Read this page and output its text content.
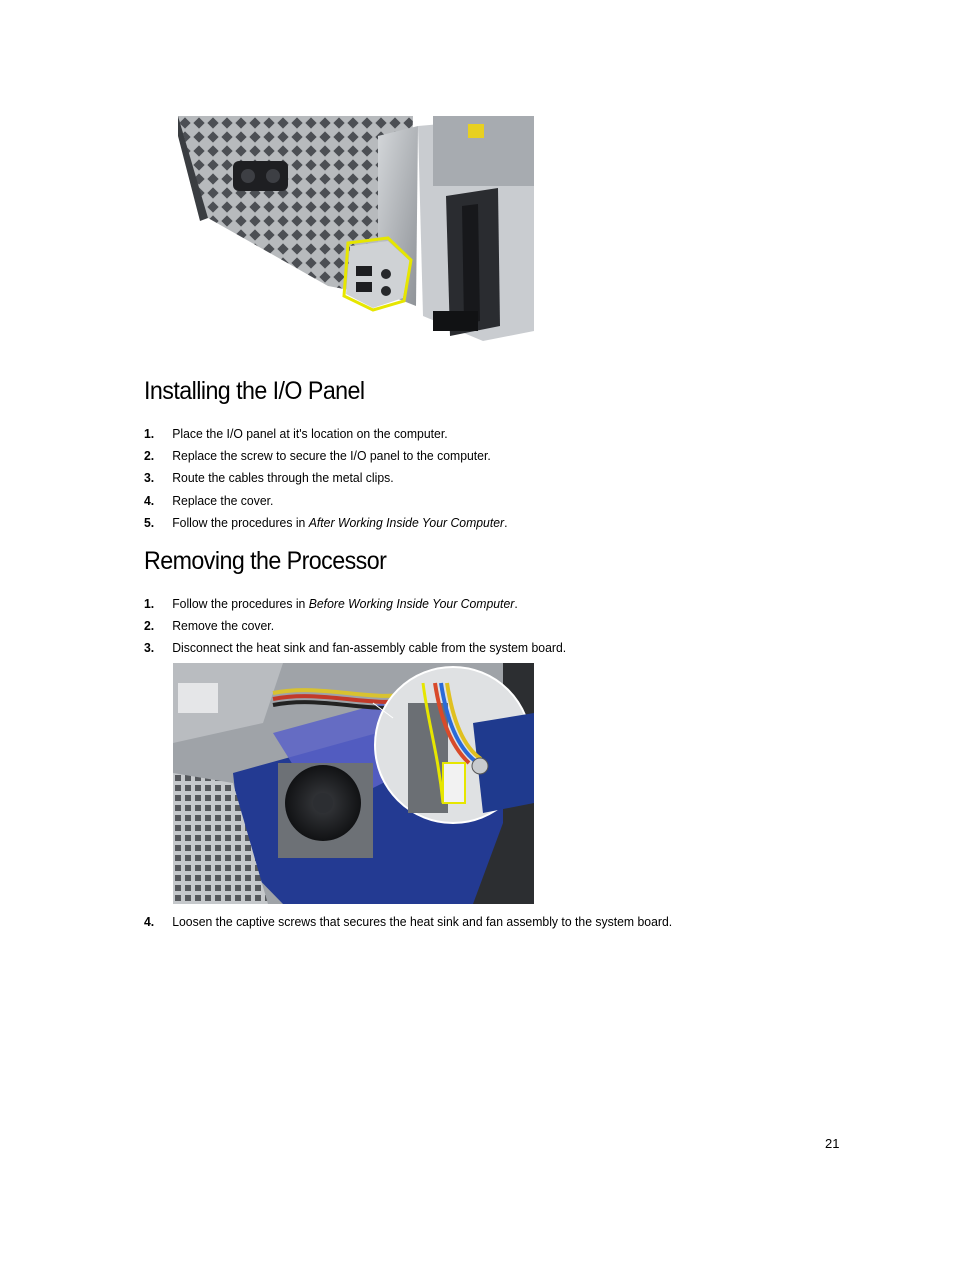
Installing the I/O Panel
1. Place the I/O panel at it's location on the computer.
2. Replace the screw to secure the I/O panel to the computer.
3. Route the cables through the metal clips.
4. Replace the cover.
5. Follow the procedures in After Working Inside Your Computer.
Removing the Processor
1. Follow the procedures in Before Working Inside Your Computer.
2. Remove the cover.
3. Disconnect the heat sink and fan-assembly cable from the system board.
4. Loosen the captive screws that secures the heat sink and fan assembly to the system board.
21
